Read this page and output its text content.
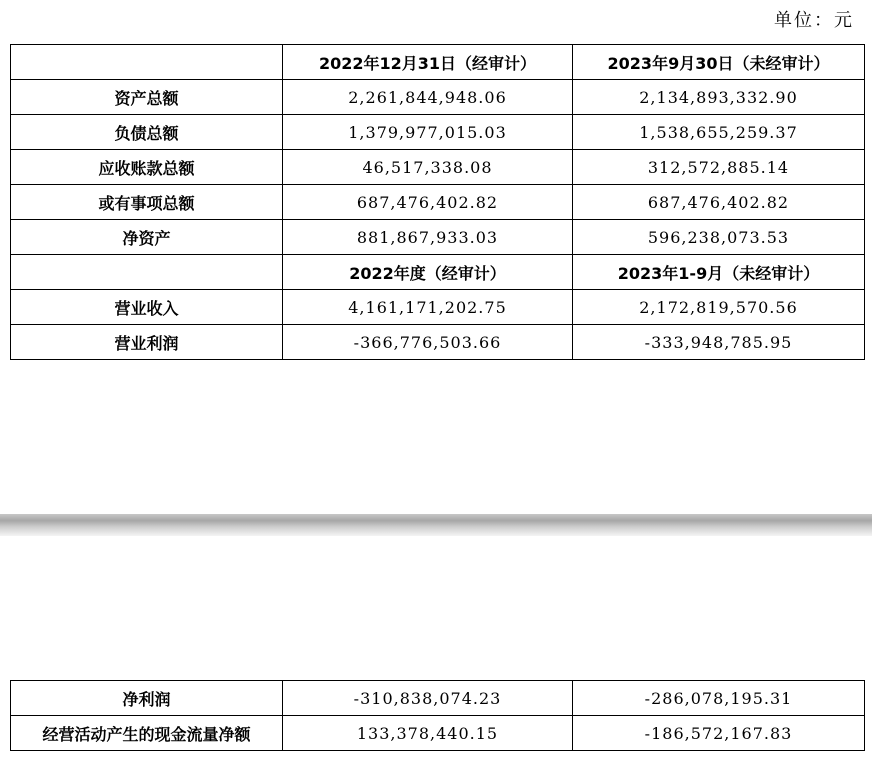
单位：元
	2022年12月31日（经审计）	2023年9月30日（未经审计）
资产总额	2,261,844,948.06	2,134,893,332.90
负债总额	1,379,977,015.03	1,538,655,259.37
应收账款总额	46,517,338.08	312,572,885.14
或有事项总额	687,476,402.82	687,476,402.82
净资产	881,867,933.03	596,238,073.53
	2022年度（经审计）	2023年1-9月（未经审计）
营业收入	4,161,171,202.75	2,172,819,570.56
营业利润	-366,776,503.66	-333,948,785.95
净利润	-310,838,074.23	-286,078,195.31
经营活动产生的现金流量净额	133,378,440.15	-186,572,167.83
